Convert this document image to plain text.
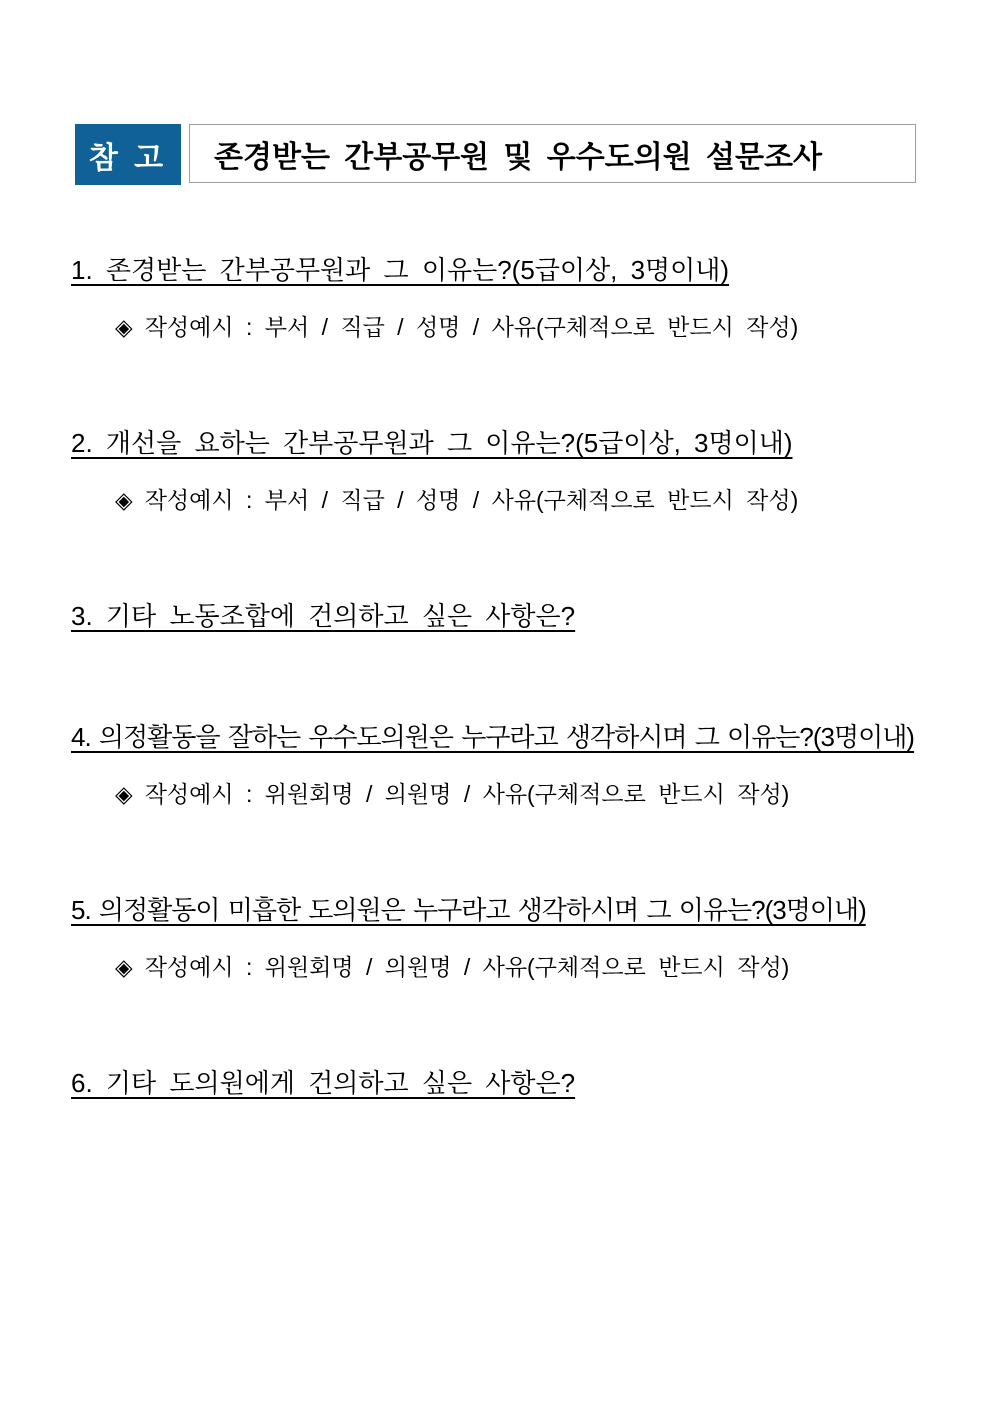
참 고	존경받는 간부공무원 및 우수도의원 설문조사
1. 존경받는 간부공무원과 그 이유는?(5급이상, 3명이내)
◈ 작성예시 : 부서 / 직급 / 성명 / 사유(구체적으로 반드시 작성)
2. 개선을 요하는 간부공무원과 그 이유는?(5급이상, 3명이내)
◈ 작성예시 : 부서 / 직급 / 성명 / 사유(구체적으로 반드시 작성)
3. 기타 노동조합에 건의하고 싶은 사항은?
4. 의정활동을 잘하는 우수도의원은 누구라고 생각하시며 그 이유는?(3명이내)
◈ 작성예시 : 위원회명 / 의원명 / 사유(구체적으로 반드시 작성)
5. 의정활동이 미흡한 도의원은 누구라고 생각하시며 그 이유는?(3명이내)
◈ 작성예시 : 위원회명 / 의원명 / 사유(구체적으로 반드시 작성)
6. 기타 도의원에게 건의하고 싶은 사항은?
